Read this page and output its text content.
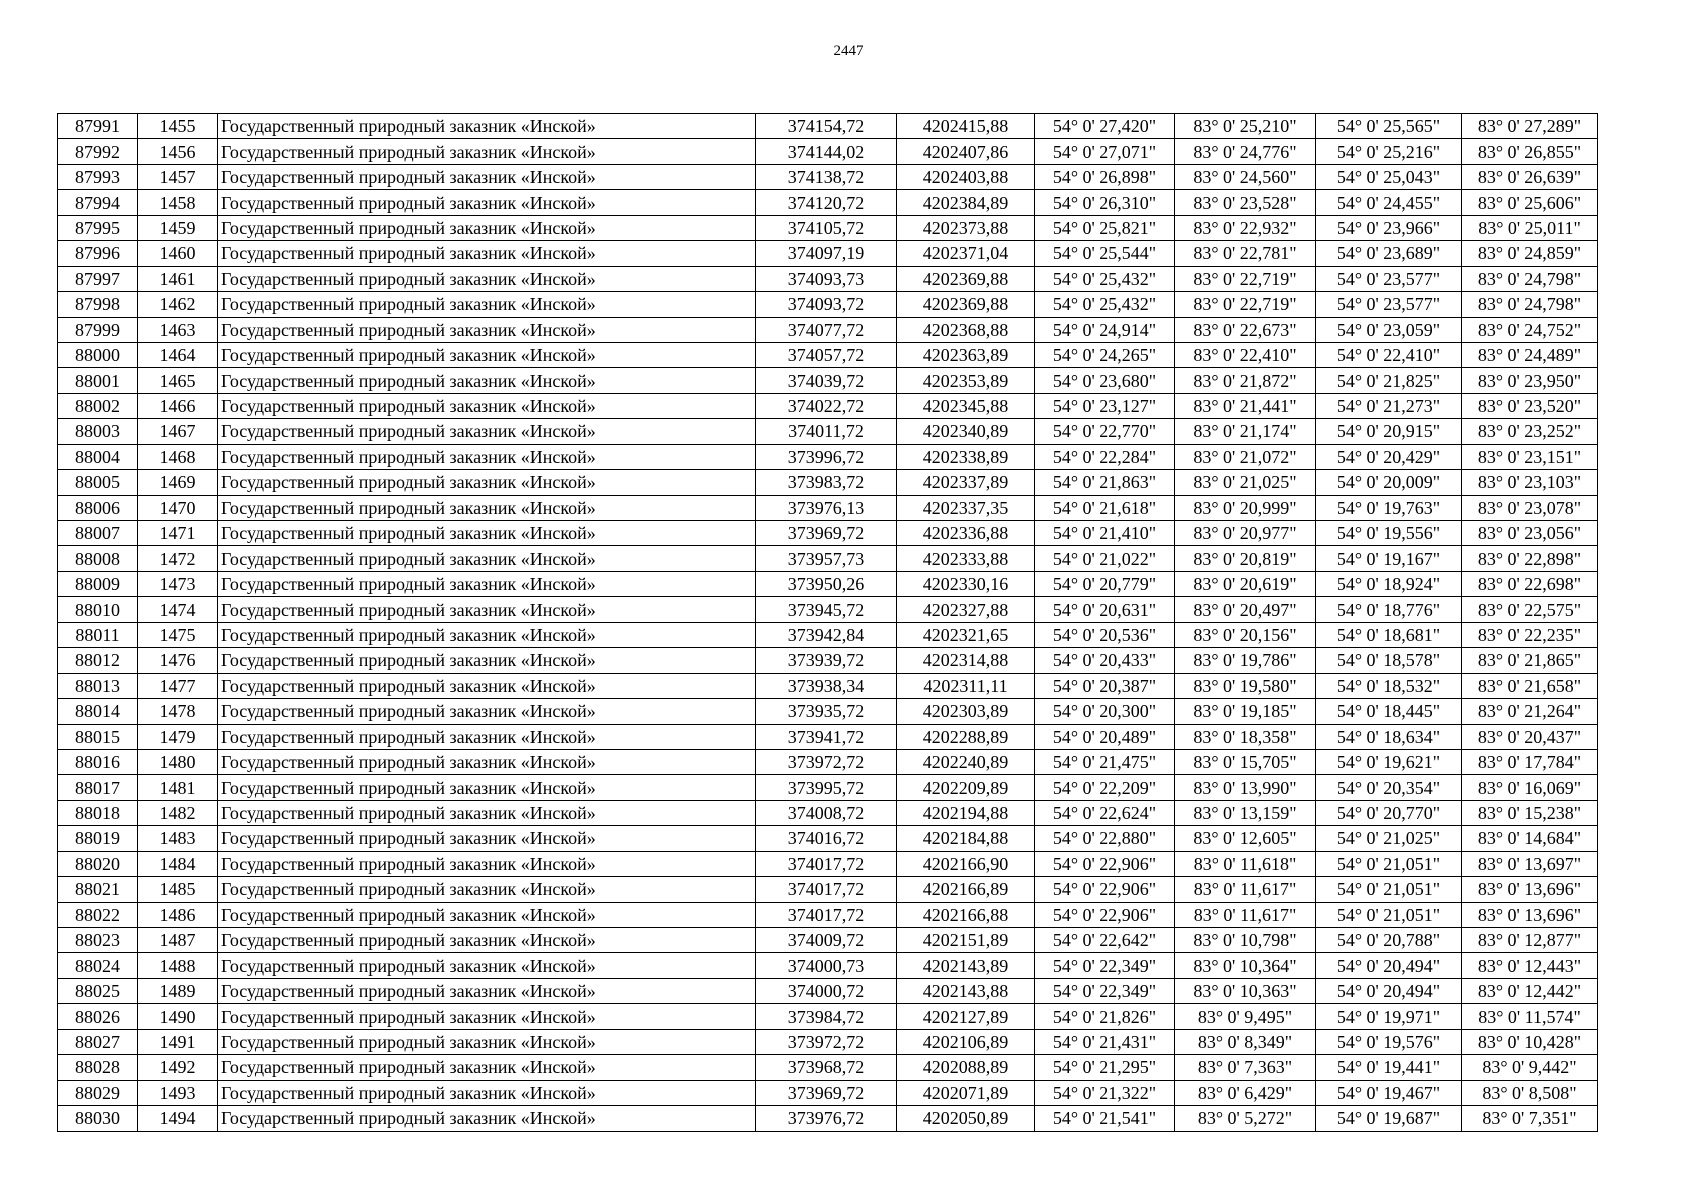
2447
87991	1455	Государственный природный заказник «Инской»	374154,72	4202415,88	54° 0' 27,420"	83° 0' 25,210"	54° 0' 25,565"	83° 0' 27,289"
87992	1456	Государственный природный заказник «Инской»	374144,02	4202407,86	54° 0' 27,071"	83° 0' 24,776"	54° 0' 25,216"	83° 0' 26,855"
87993	1457	Государственный природный заказник «Инской»	374138,72	4202403,88	54° 0' 26,898"	83° 0' 24,560"	54° 0' 25,043"	83° 0' 26,639"
87994	1458	Государственный природный заказник «Инской»	374120,72	4202384,89	54° 0' 26,310"	83° 0' 23,528"	54° 0' 24,455"	83° 0' 25,606"
87995	1459	Государственный природный заказник «Инской»	374105,72	4202373,88	54° 0' 25,821"	83° 0' 22,932"	54° 0' 23,966"	83° 0' 25,011"
87996	1460	Государственный природный заказник «Инской»	374097,19	4202371,04	54° 0' 25,544"	83° 0' 22,781"	54° 0' 23,689"	83° 0' 24,859"
87997	1461	Государственный природный заказник «Инской»	374093,73	4202369,88	54° 0' 25,432"	83° 0' 22,719"	54° 0' 23,577"	83° 0' 24,798"
87998	1462	Государственный природный заказник «Инской»	374093,72	4202369,88	54° 0' 25,432"	83° 0' 22,719"	54° 0' 23,577"	83° 0' 24,798"
87999	1463	Государственный природный заказник «Инской»	374077,72	4202368,88	54° 0' 24,914"	83° 0' 22,673"	54° 0' 23,059"	83° 0' 24,752"
88000	1464	Государственный природный заказник «Инской»	374057,72	4202363,89	54° 0' 24,265"	83° 0' 22,410"	54° 0' 22,410"	83° 0' 24,489"
88001	1465	Государственный природный заказник «Инской»	374039,72	4202353,89	54° 0' 23,680"	83° 0' 21,872"	54° 0' 21,825"	83° 0' 23,950"
88002	1466	Государственный природный заказник «Инской»	374022,72	4202345,88	54° 0' 23,127"	83° 0' 21,441"	54° 0' 21,273"	83° 0' 23,520"
88003	1467	Государственный природный заказник «Инской»	374011,72	4202340,89	54° 0' 22,770"	83° 0' 21,174"	54° 0' 20,915"	83° 0' 23,252"
88004	1468	Государственный природный заказник «Инской»	373996,72	4202338,89	54° 0' 22,284"	83° 0' 21,072"	54° 0' 20,429"	83° 0' 23,151"
88005	1469	Государственный природный заказник «Инской»	373983,72	4202337,89	54° 0' 21,863"	83° 0' 21,025"	54° 0' 20,009"	83° 0' 23,103"
88006	1470	Государственный природный заказник «Инской»	373976,13	4202337,35	54° 0' 21,618"	83° 0' 20,999"	54° 0' 19,763"	83° 0' 23,078"
88007	1471	Государственный природный заказник «Инской»	373969,72	4202336,88	54° 0' 21,410"	83° 0' 20,977"	54° 0' 19,556"	83° 0' 23,056"
88008	1472	Государственный природный заказник «Инской»	373957,73	4202333,88	54° 0' 21,022"	83° 0' 20,819"	54° 0' 19,167"	83° 0' 22,898"
88009	1473	Государственный природный заказник «Инской»	373950,26	4202330,16	54° 0' 20,779"	83° 0' 20,619"	54° 0' 18,924"	83° 0' 22,698"
88010	1474	Государственный природный заказник «Инской»	373945,72	4202327,88	54° 0' 20,631"	83° 0' 20,497"	54° 0' 18,776"	83° 0' 22,575"
88011	1475	Государственный природный заказник «Инской»	373942,84	4202321,65	54° 0' 20,536"	83° 0' 20,156"	54° 0' 18,681"	83° 0' 22,235"
88012	1476	Государственный природный заказник «Инской»	373939,72	4202314,88	54° 0' 20,433"	83° 0' 19,786"	54° 0' 18,578"	83° 0' 21,865"
88013	1477	Государственный природный заказник «Инской»	373938,34	4202311,11	54° 0' 20,387"	83° 0' 19,580"	54° 0' 18,532"	83° 0' 21,658"
88014	1478	Государственный природный заказник «Инской»	373935,72	4202303,89	54° 0' 20,300"	83° 0' 19,185"	54° 0' 18,445"	83° 0' 21,264"
88015	1479	Государственный природный заказник «Инской»	373941,72	4202288,89	54° 0' 20,489"	83° 0' 18,358"	54° 0' 18,634"	83° 0' 20,437"
88016	1480	Государственный природный заказник «Инской»	373972,72	4202240,89	54° 0' 21,475"	83° 0' 15,705"	54° 0' 19,621"	83° 0' 17,784"
88017	1481	Государственный природный заказник «Инской»	373995,72	4202209,89	54° 0' 22,209"	83° 0' 13,990"	54° 0' 20,354"	83° 0' 16,069"
88018	1482	Государственный природный заказник «Инской»	374008,72	4202194,88	54° 0' 22,624"	83° 0' 13,159"	54° 0' 20,770"	83° 0' 15,238"
88019	1483	Государственный природный заказник «Инской»	374016,72	4202184,88	54° 0' 22,880"	83° 0' 12,605"	54° 0' 21,025"	83° 0' 14,684"
88020	1484	Государственный природный заказник «Инской»	374017,72	4202166,90	54° 0' 22,906"	83° 0' 11,618"	54° 0' 21,051"	83° 0' 13,697"
88021	1485	Государственный природный заказник «Инской»	374017,72	4202166,89	54° 0' 22,906"	83° 0' 11,617"	54° 0' 21,051"	83° 0' 13,696"
88022	1486	Государственный природный заказник «Инской»	374017,72	4202166,88	54° 0' 22,906"	83° 0' 11,617"	54° 0' 21,051"	83° 0' 13,696"
88023	1487	Государственный природный заказник «Инской»	374009,72	4202151,89	54° 0' 22,642"	83° 0' 10,798"	54° 0' 20,788"	83° 0' 12,877"
88024	1488	Государственный природный заказник «Инской»	374000,73	4202143,89	54° 0' 22,349"	83° 0' 10,364"	54° 0' 20,494"	83° 0' 12,443"
88025	1489	Государственный природный заказник «Инской»	374000,72	4202143,88	54° 0' 22,349"	83° 0' 10,363"	54° 0' 20,494"	83° 0' 12,442"
88026	1490	Государственный природный заказник «Инской»	373984,72	4202127,89	54° 0' 21,826"	83° 0' 9,495"	54° 0' 19,971"	83° 0' 11,574"
88027	1491	Государственный природный заказник «Инской»	373972,72	4202106,89	54° 0' 21,431"	83° 0' 8,349"	54° 0' 19,576"	83° 0' 10,428"
88028	1492	Государственный природный заказник «Инской»	373968,72	4202088,89	54° 0' 21,295"	83° 0' 7,363"	54° 0' 19,441"	83° 0' 9,442"
88029	1493	Государственный природный заказник «Инской»	373969,72	4202071,89	54° 0' 21,322"	83° 0' 6,429"	54° 0' 19,467"	83° 0' 8,508"
88030	1494	Государственный природный заказник «Инской»	373976,72	4202050,89	54° 0' 21,541"	83° 0' 5,272"	54° 0' 19,687"	83° 0' 7,351"
